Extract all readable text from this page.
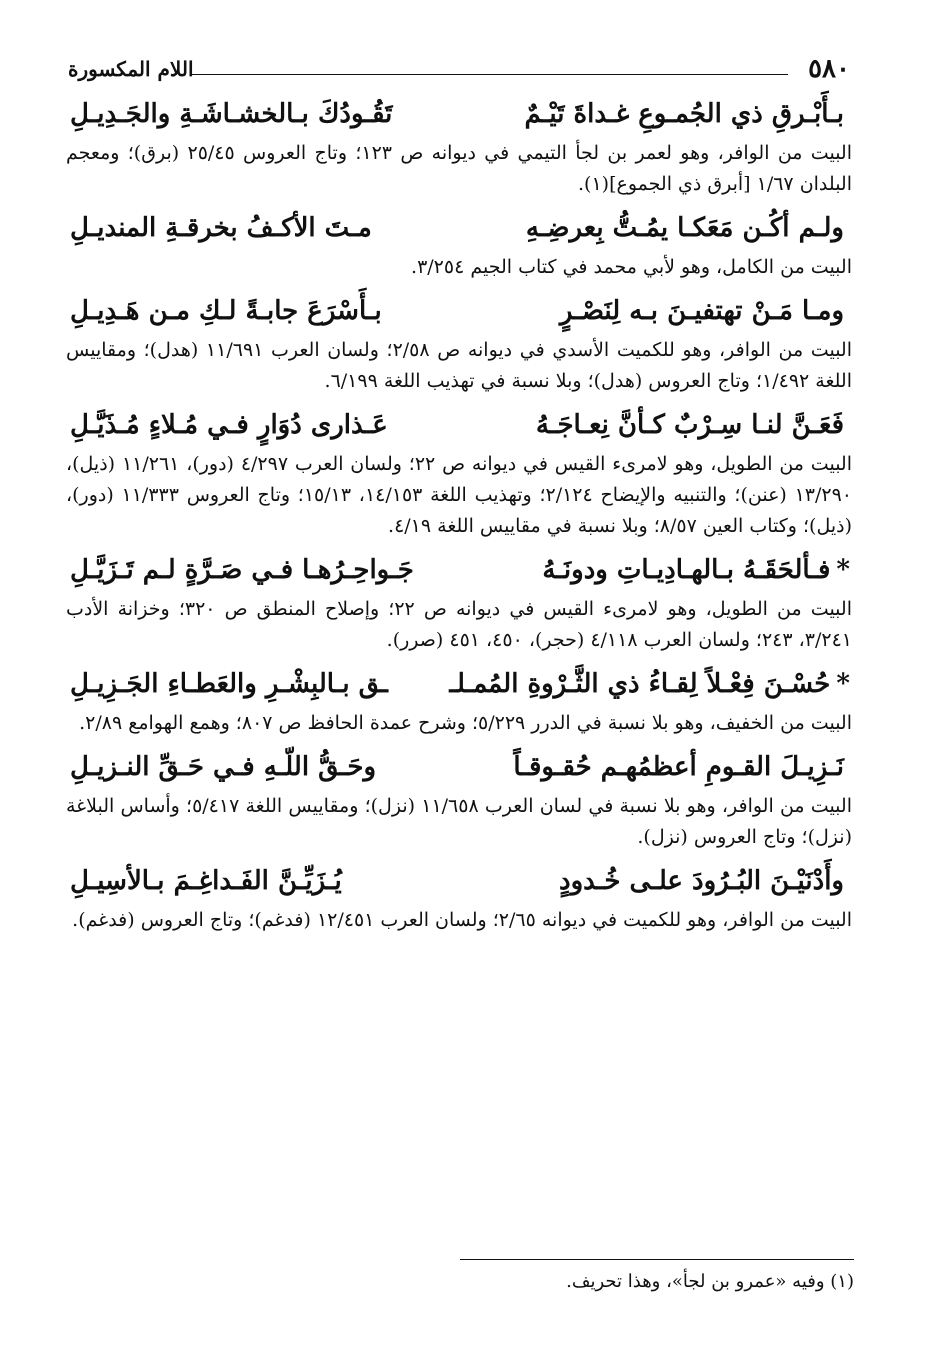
٥٨٠
اللام المكسورة
بـأَبْـرقِ ذي الجُمـوعِ غـداةَ تَيْـمٌ
تَقُـودُكَ بـالخشـاشَـةِ والجَـدِيـلِ
البيت من الوافر، وهو لعمر بن لجأ التيمي في ديوانه ص ١٢٣؛ وتاج العروس ٢٥/٤٥ (برق)؛ ومعجم البلدان ١/٦٧ [أبرق ذي الجموع](١).
ولـم أكُـن مَعَكـا يمُـتُّ بِعرضِـهِ
مـتَ الأكـفُ بخرقـةِ المنديـلِ
البيت من الكامل، وهو لأبي محمد في كتاب الجيم ٣/٢٥٤.
ومـا مَـنْ تهتفيـنَ بـه لِنَصْـرٍ
بـأَسْرَعَ جابـةً لـكِ مـن هَـدِيـلِ
البيت من الوافر، وهو للكميت الأسدي في ديوانه ص ٢/٥٨؛ ولسان العرب ١١/٦٩١ (هدل)؛ ومقاييس اللغة ١/٤٩٢؛ وتاج العروس (هدل)؛ وبلا نسبة في تهذيب اللغة ٦/١٩٩.
فَعَـنَّ لنـا سِـرْبٌ كـأنَّ نِعـاجَـهُ
عَـذارى دُوَارٍ فـي مُـلاءٍ مُـذَيَّـلِ
البيت من الطويل، وهو لامرىء القيس في ديوانه ص ٢٢؛ ولسان العرب ٤/٢٩٧ (دور)، ١١/٢٦١ (ذيل)، ١٣/٢٩٠ (عنن)؛ والتنبيه والإيضاح ٢/١٢٤؛ وتهذيب اللغة ١٤/١٥٣، ١٥/١٣؛ وتاج العروس ١١/٣٣٣ (دور)، (ذيل)؛ وكتاب العين ٨/٥٧؛ وبلا نسبة في مقاييس اللغة ٤/١٩.
*فـألحَقَـهُ بـالهـادِيـاتِ ودونَـهُ
جَـواحِـرُهـا فـي صَـرَّةٍ لـم تَـزَيَّـلِ
البيت من الطويل، وهو لامرىء القيس في ديوانه ص ٢٢؛ وإصلاح المنطق ص ٣٢٠؛ وخزانة الأدب ٣/٢٤١، ٢٤٣؛ ولسان العرب ٤/١١٨ (حجر)، ٤٥٠، ٤٥١ (صرر).
*حُسْـنَ فِعْـلاً لِقـاءُ ذي الثَّـرْوةِ المُمـلـ
ـق بـالبِشْـرِ والعَطـاءِ الجَـزِيـلِ
البيت من الخفيف، وهو بلا نسبة في الدرر ٥/٢٢٩؛ وشرح عمدة الحافظ ص ٨٠٧؛ وهمع الهوامع ٢/٨٩.
نَـزِيـلَ القـومِ أعظمُهـم حُقـوقـاً
وحَـقُّ اللّـهِ فـي حَـقِّ النـزيـلِ
البيت من الوافر، وهو بلا نسبة في لسان العرب ١١/٦٥٨ (نزل)؛ ومقاييس اللغة ٥/٤١٧؛ وأساس البلاغة (نزل)؛ وتاج العروس (نزل).
وأَدْنَيْـنَ البُـرُودَ علـى خُـدودٍ
يُـزَيِّـنَّ الفَـداغِـمَ بـالأسِيـلِ
البيت من الوافر، وهو للكميت في ديوانه ٢/٦٥؛ ولسان العرب ١٢/٤٥١ (فدغم)؛ وتاج العروس (فدغم).
(١) وفيه «عمرو بن لجأ»، وهذا تحريف.
